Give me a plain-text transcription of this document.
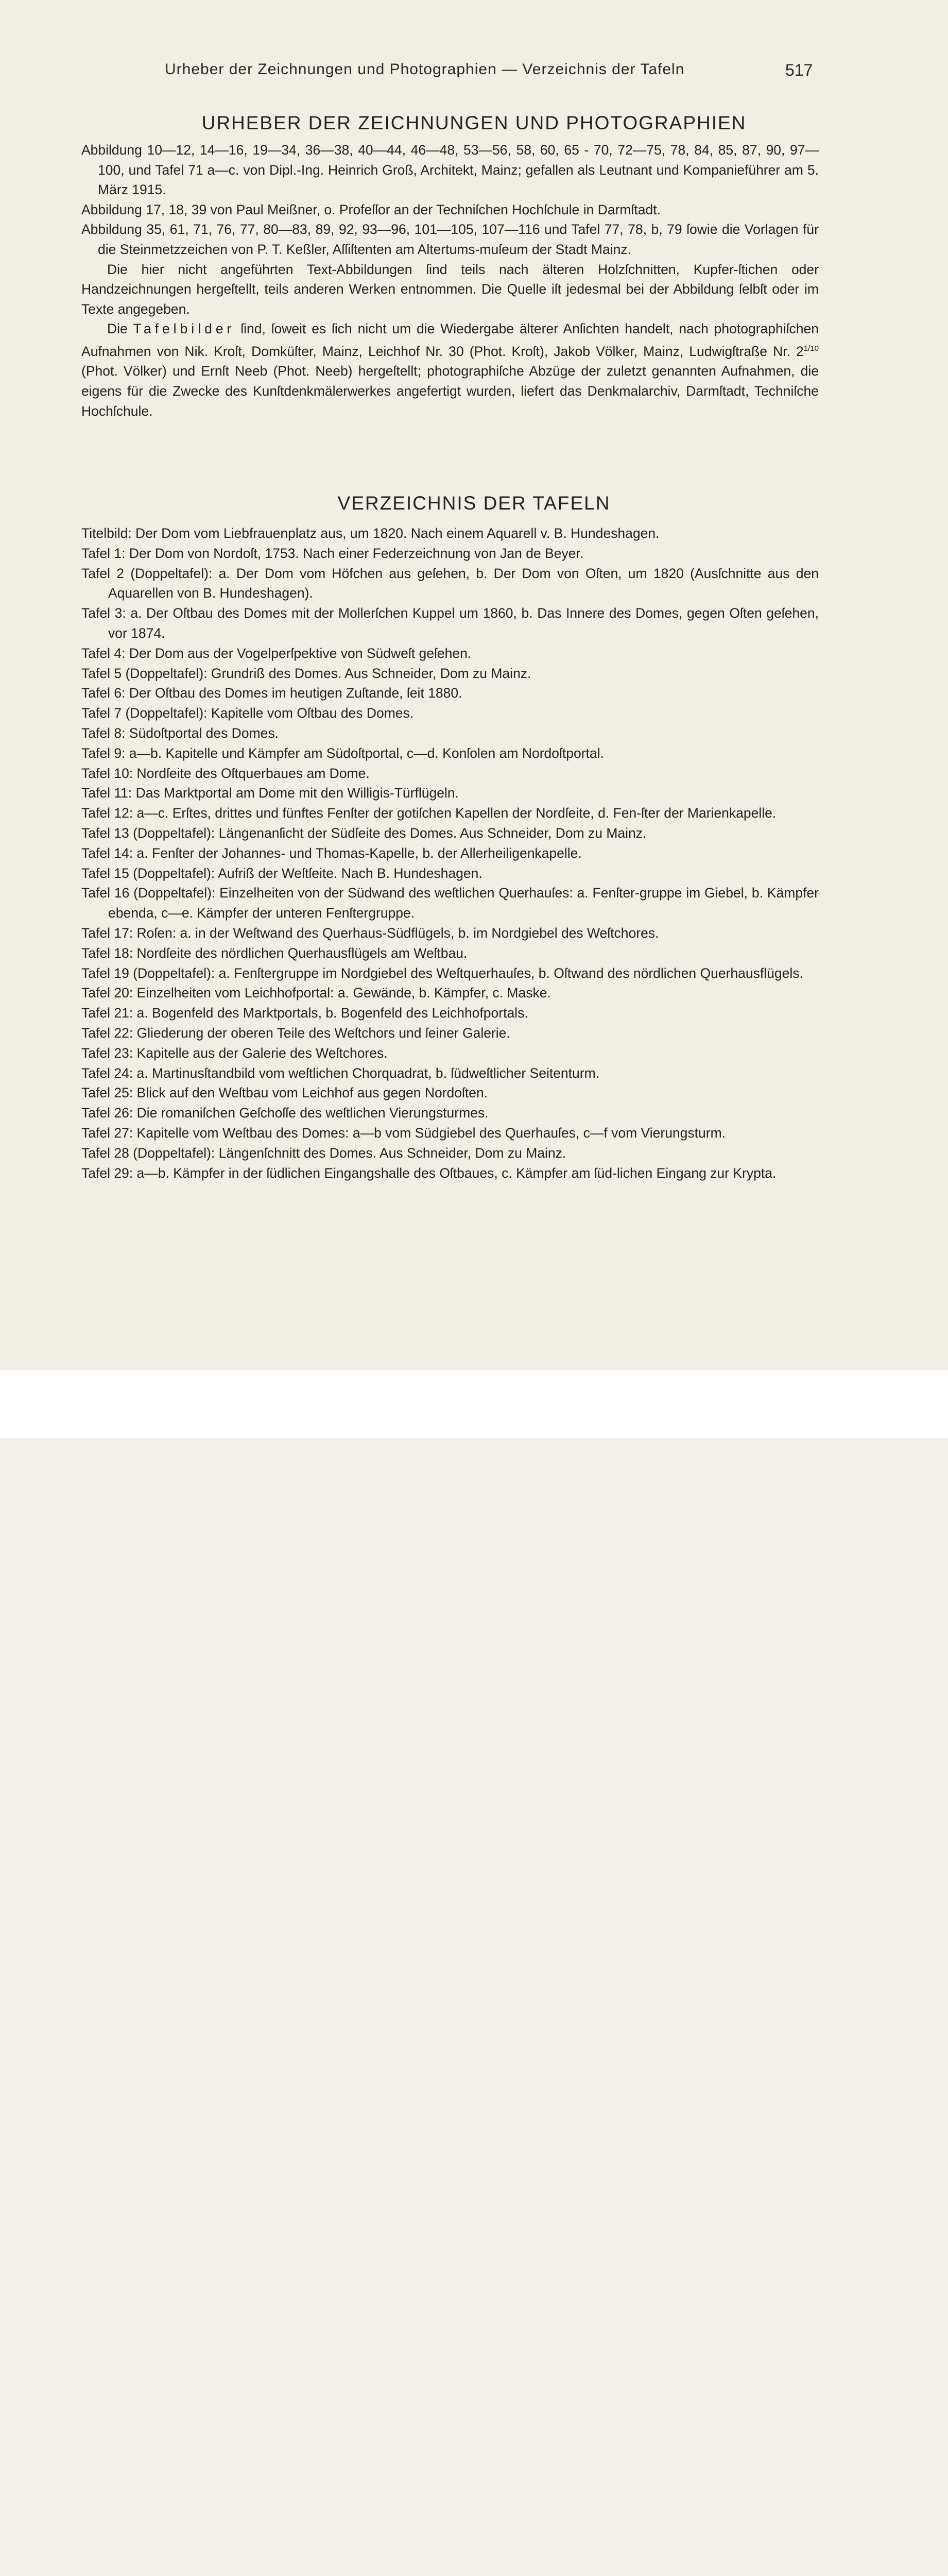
Urheber der Zeichnungen und Photographien — Verzeichnis der Tafeln	517
URHEBER DER ZEICHNUNGEN UND PHOTOGRAPHIEN

Abbildung 10—12, 14—16, 19—34, 36—38, 40—44, 46—48, 53—56, 58, 60, 65 - 70, 72—75, 78, 84, 85, 87, 90, 97—100, und Tafel 71 a—c. von Dipl.-Ing. Heinrich Groß, Architekt, Mainz; gefallen als Leutnant und Kompanieführer am 5. März 1915.

Abbildung 17, 18, 39 von Paul Meißner, o. Profeſſor an der Techniſchen Hochſchule in Darmſtadt.

Abbildung 35, 61, 71, 76, 77, 80—83, 89, 92, 93—96, 101—105, 107—116 und Tafel 77, 78, b, 79 ſowie die Vorlagen für die Steinmetzzeichen von P. T. Keßler, Aſſiſtenten am Altertums-muſeum der Stadt Mainz.

Die hier nicht angeführten Text-Abbildungen ſind teils nach älteren Holzſchnitten, Kupfer-ſtichen oder Handzeichnungen hergeſtellt, teils anderen Werken entnommen. Die Quelle iſt jedesmal bei der Abbildung ſelbſt oder im Texte angegeben.

Die Tafelbilder ſind, ſoweit es ſich nicht um die Wiedergabe älterer Anſichten handelt, nach photographiſchen Aufnahmen von Nik. Kroſt, Domküſter, Mainz, Leichhof Nr. 30 (Phot. Kroſt), Jakob Völker, Mainz, Ludwigſtraße Nr. $2^{1/10}$ (Phot. Völker) und Ernſt Neeb (Phot. Neeb) hergeſtellt; photographiſche Abzüge der zuletzt genannten Aufnahmen, die eigens für die Zwecke des Kunſtdenkmälerwerkes angefertigt wurden, liefert das Denkmalarchiv, Darmſtadt, Techniſche Hochſchule.

VERZEICHNIS DER TAFELN

Titelbild: Der Dom vom Liebfrauenplatz aus, um 1820. Nach einem Aquarell v. B. Hundeshagen.

Tafel 1: Der Dom von Nordoſt, 1753. Nach einer Federzeichnung von Jan de Beyer.

Tafel 2 (Doppeltafel): a. Der Dom vom Höfchen aus geſehen, b. Der Dom von Oſten, um 1820 (Ausſchnitte aus den Aquarellen von B. Hundeshagen).

Tafel 3: a. Der Oſtbau des Domes mit der Mollerſchen Kuppel um 1860, b. Das Innere des Domes, gegen Oſten geſehen, vor 1874.

Tafel 4: Der Dom aus der Vogelperſpektive von Südweſt geſehen.

Tafel 5 (Doppeltafel): Grundriß des Domes. Aus Schneider, Dom zu Mainz.

Tafel 6: Der Oſtbau des Domes im heutigen Zuſtande, ſeit 1880.

Tafel 7 (Doppeltafel): Kapitelle vom Oſtbau des Domes.

Tafel 8: Südoſtportal des Domes.

Tafel 9: a—b. Kapitelle und Kämpfer am Südoſtportal, c—d. Konſolen am Nordoſtportal.

Tafel 10: Nordſeite des Oſtquerbaues am Dome.

Tafel 11: Das Marktportal am Dome mit den Willigis-Türflügeln.

Tafel 12: a—c. Erſtes, drittes und fünftes Fenſter der gotiſchen Kapellen der Nordſeite, d. Fen-ſter der Marienkapelle.

Tafel 13 (Doppeltafel): Längenanſicht der Südſeite des Domes. Aus Schneider, Dom zu Mainz.

Tafel 14: a. Fenſter der Johannes- und Thomas-Kapelle, b. der Allerheiligenkapelle.

Tafel 15 (Doppeltafel): Aufriß der Weſtſeite. Nach B. Hundeshagen.

Tafel 16 (Doppeltafel): Einzelheiten von der Südwand des weſtlichen Querhauſes: a. Fenſter-gruppe im Giebel, b. Kämpfer ebenda, c—e. Kämpfer der unteren Fenſtergruppe.

Tafel 17: Roſen: a. in der Weſtwand des Querhaus-Südflügels, b. im Nordgiebel des Weſtchores.

Tafel 18: Nordſeite des nördlichen Querhausflügels am Weſtbau.

Tafel 19 (Doppeltafel): a. Fenſtergruppe im Nordgiebel des Weſtquerhauſes, b. Oſtwand des nördlichen Querhausflügels.

Tafel 20: Einzelheiten vom Leichhofportal: a. Gewände, b. Kämpfer, c. Maske.

Tafel 21: a. Bogenfeld des Marktportals, b. Bogenfeld des Leichhofportals.

Tafel 22: Gliederung der oberen Teile des Weſtchors und ſeiner Galerie.

Tafel 23: Kapitelle aus der Galerie des Weſtchores.

Tafel 24: a. Martinusſtandbild vom weſtlichen Chorquadrat, b. ſüdweſtlicher Seitenturm.

Tafel 25: Blick auf den Weſtbau vom Leichhof aus gegen Nordoſten.

Tafel 26: Die romaniſchen Geſchoſſe des weſtlichen Vierungsturmes.

Tafel 27: Kapitelle vom Weſtbau des Domes: a—b vom Südgiebel des Querhauſes, c—f vom Vierungsturm.

Tafel 28 (Doppeltafel): Längenſchnitt des Domes. Aus Schneider, Dom zu Mainz.

Tafel 29: a—b. Kämpfer in der ſüdlichen Eingangshalle des Oſtbaues, c. Kämpfer am ſüd-lichen Eingang zur Krypta.
